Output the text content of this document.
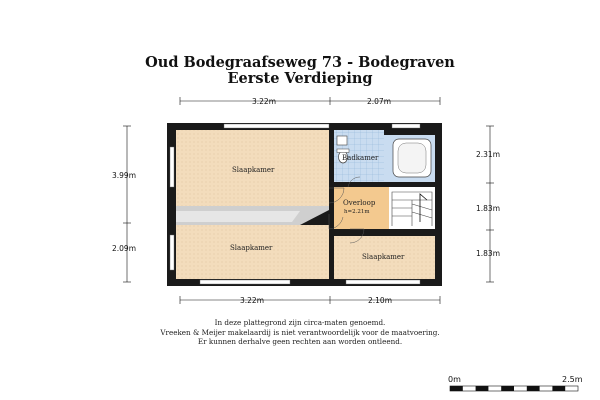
Oud Bodegraafseweg 73 - Bodegraven
Eerste Verdieping
3.22m	2.07m
3.22m	2.10m
3.99m
2.09m
2.31m
1.83m
1.83m
Slaapkamer
Badkamer
Overloop
h=2.21m
Slaapkamer
Slaapkamer
In deze plattegrond zijn circa-maten genoemd.
Vreeken & Meijer makelaardij is niet verantwoordelijk voor de maatvoering.
Er kunnen derhalve geen rechten aan worden ontleend.
0m	2.5m
